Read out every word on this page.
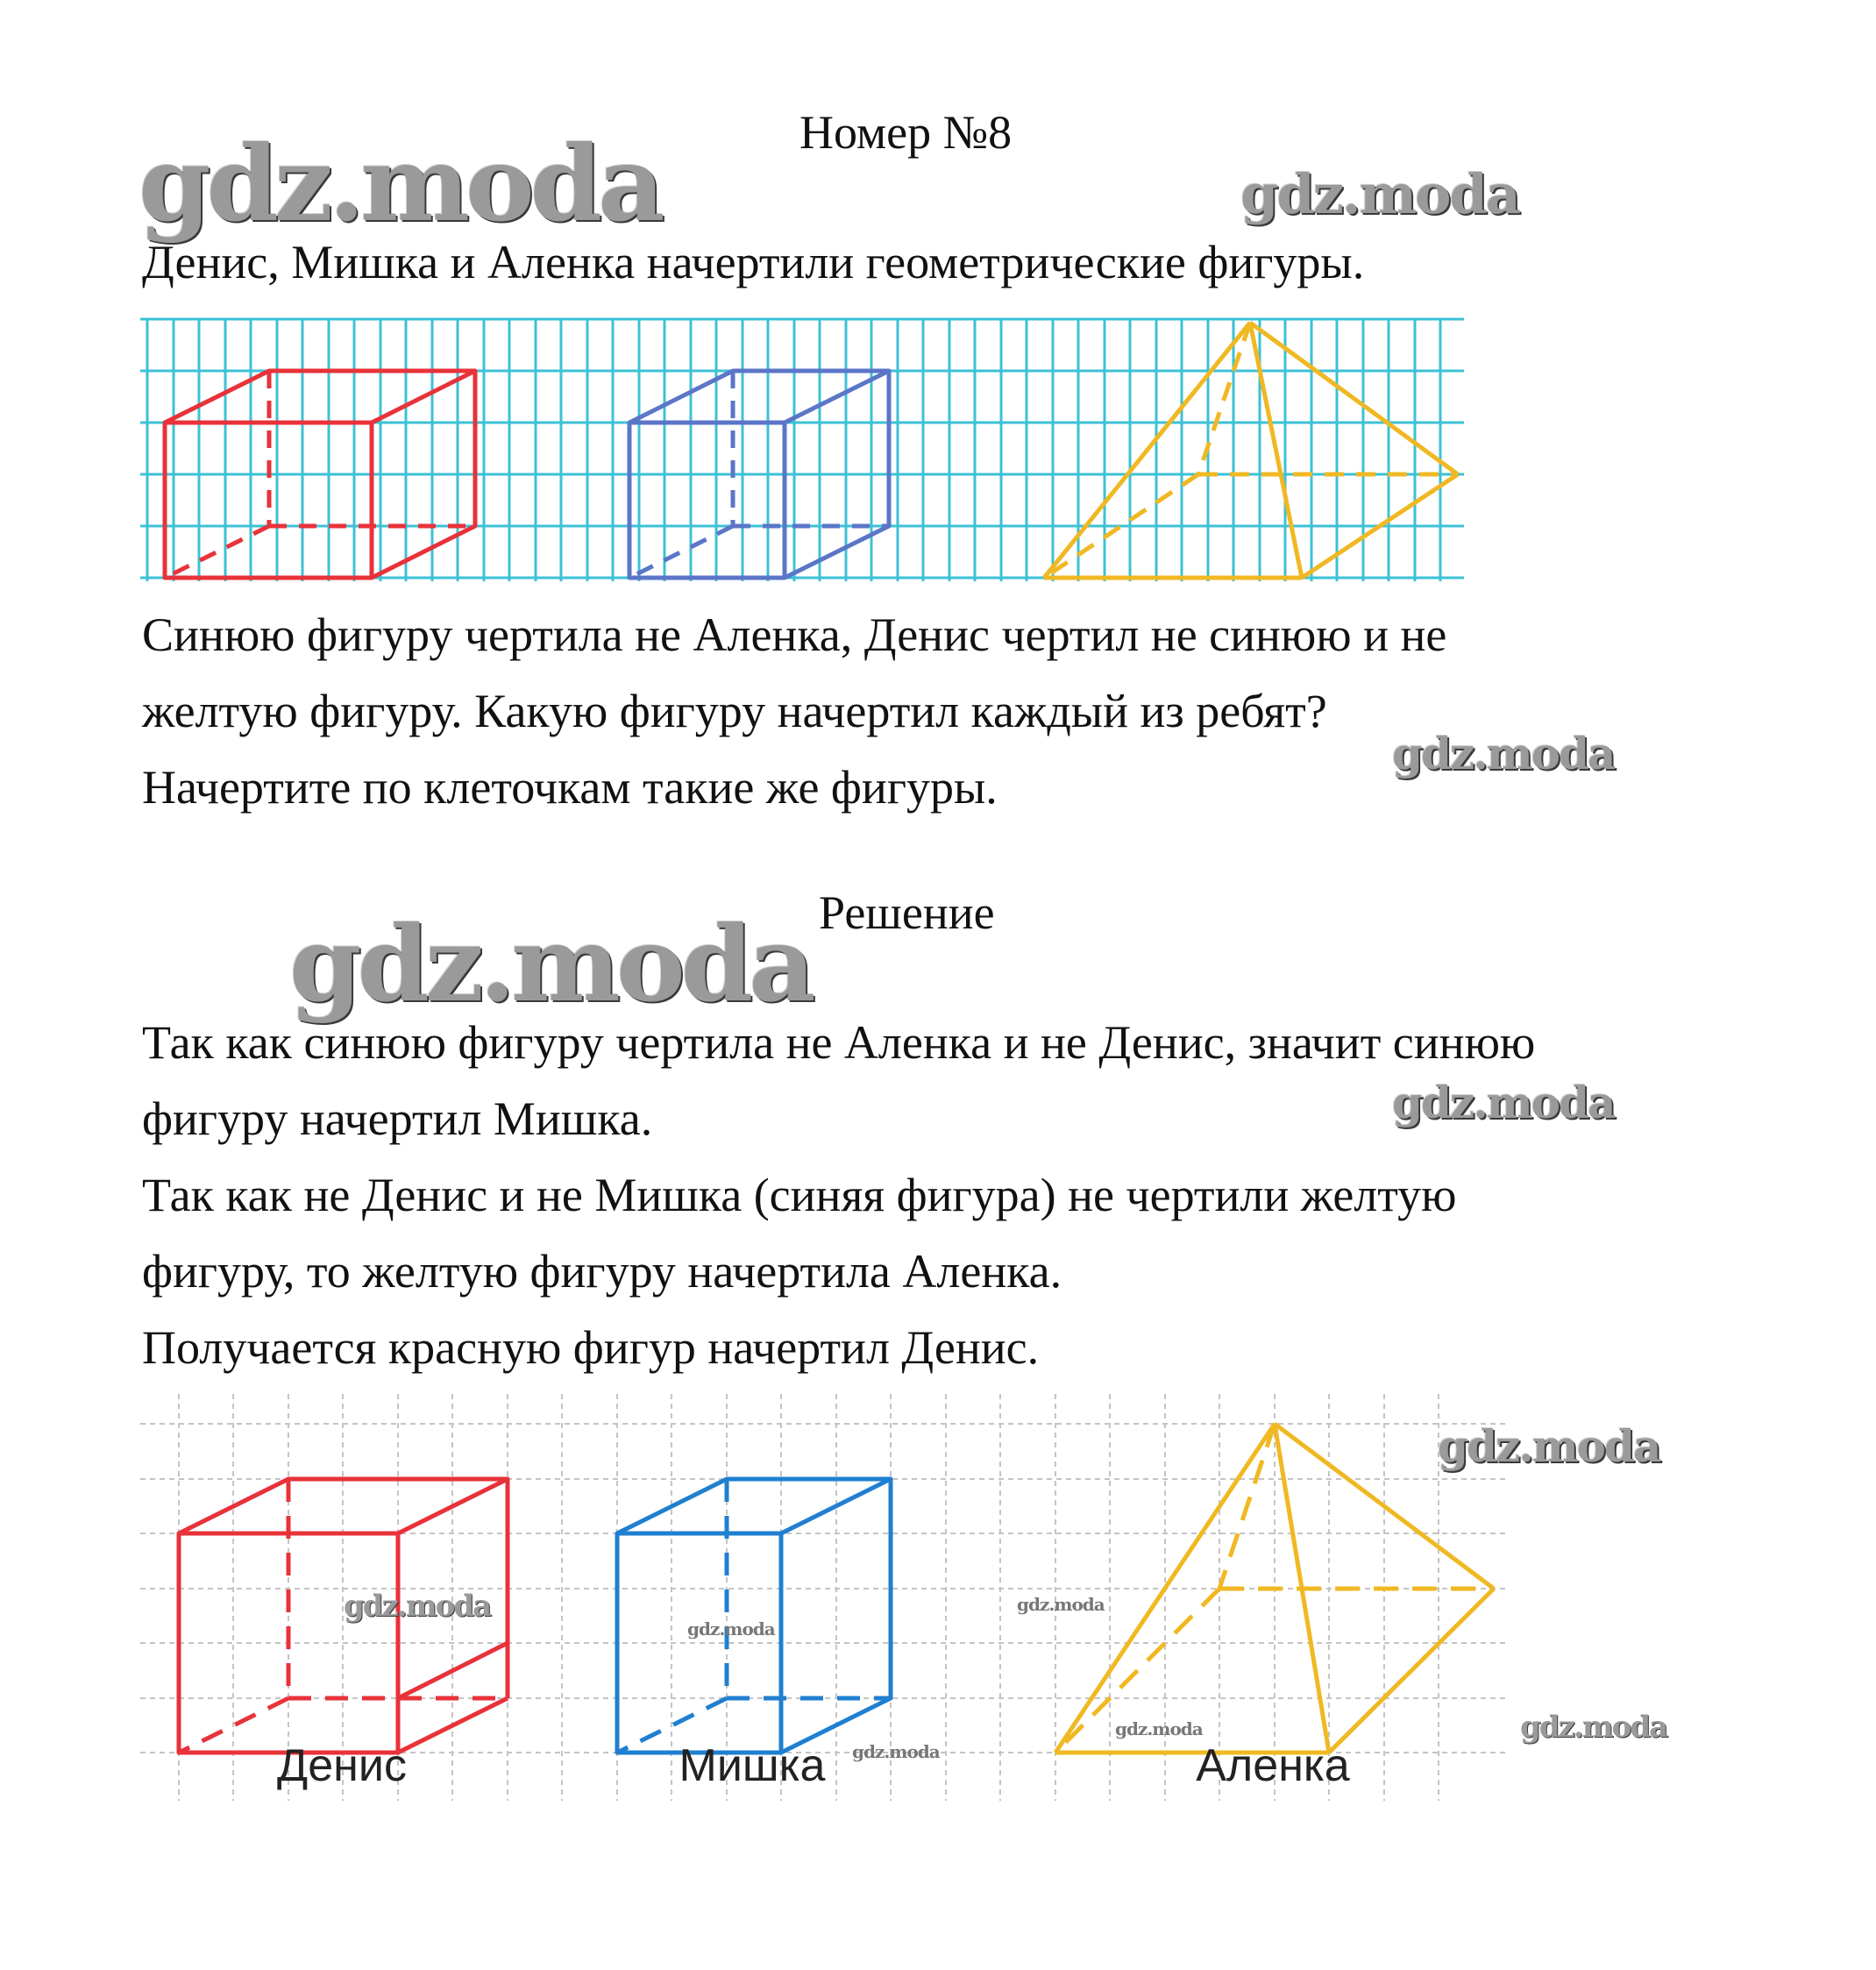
Номер №8
gdz.moda	gdz.moda
Денис, Мишка и Аленка начертили геометрические фигуры.
Синюю фигуру чертила не Аленка, Денис чертил не синюю и не
желтую фигуру. Какую фигуру начертил каждый из ребят?
Начертите по клеточкам такие же фигуры.
gdz.moda
Решение
gdz.moda
Так как синюю фигуру чертила не Аленка и не Денис, значит синюю
фигуру начертил Мишка.
Так как не Денис и не Мишка (синяя фигура) не чертили желтую
фигуру, то желтую фигуру начертила Аленка.
Получается красную фигур начертил Денис.
gdz.moda
Денис	Мишка	Аленка
gdz.moda
gdz.moda
gdz.moda
gdz.moda
gdz.moda
gdz.moda
gdz.moda
